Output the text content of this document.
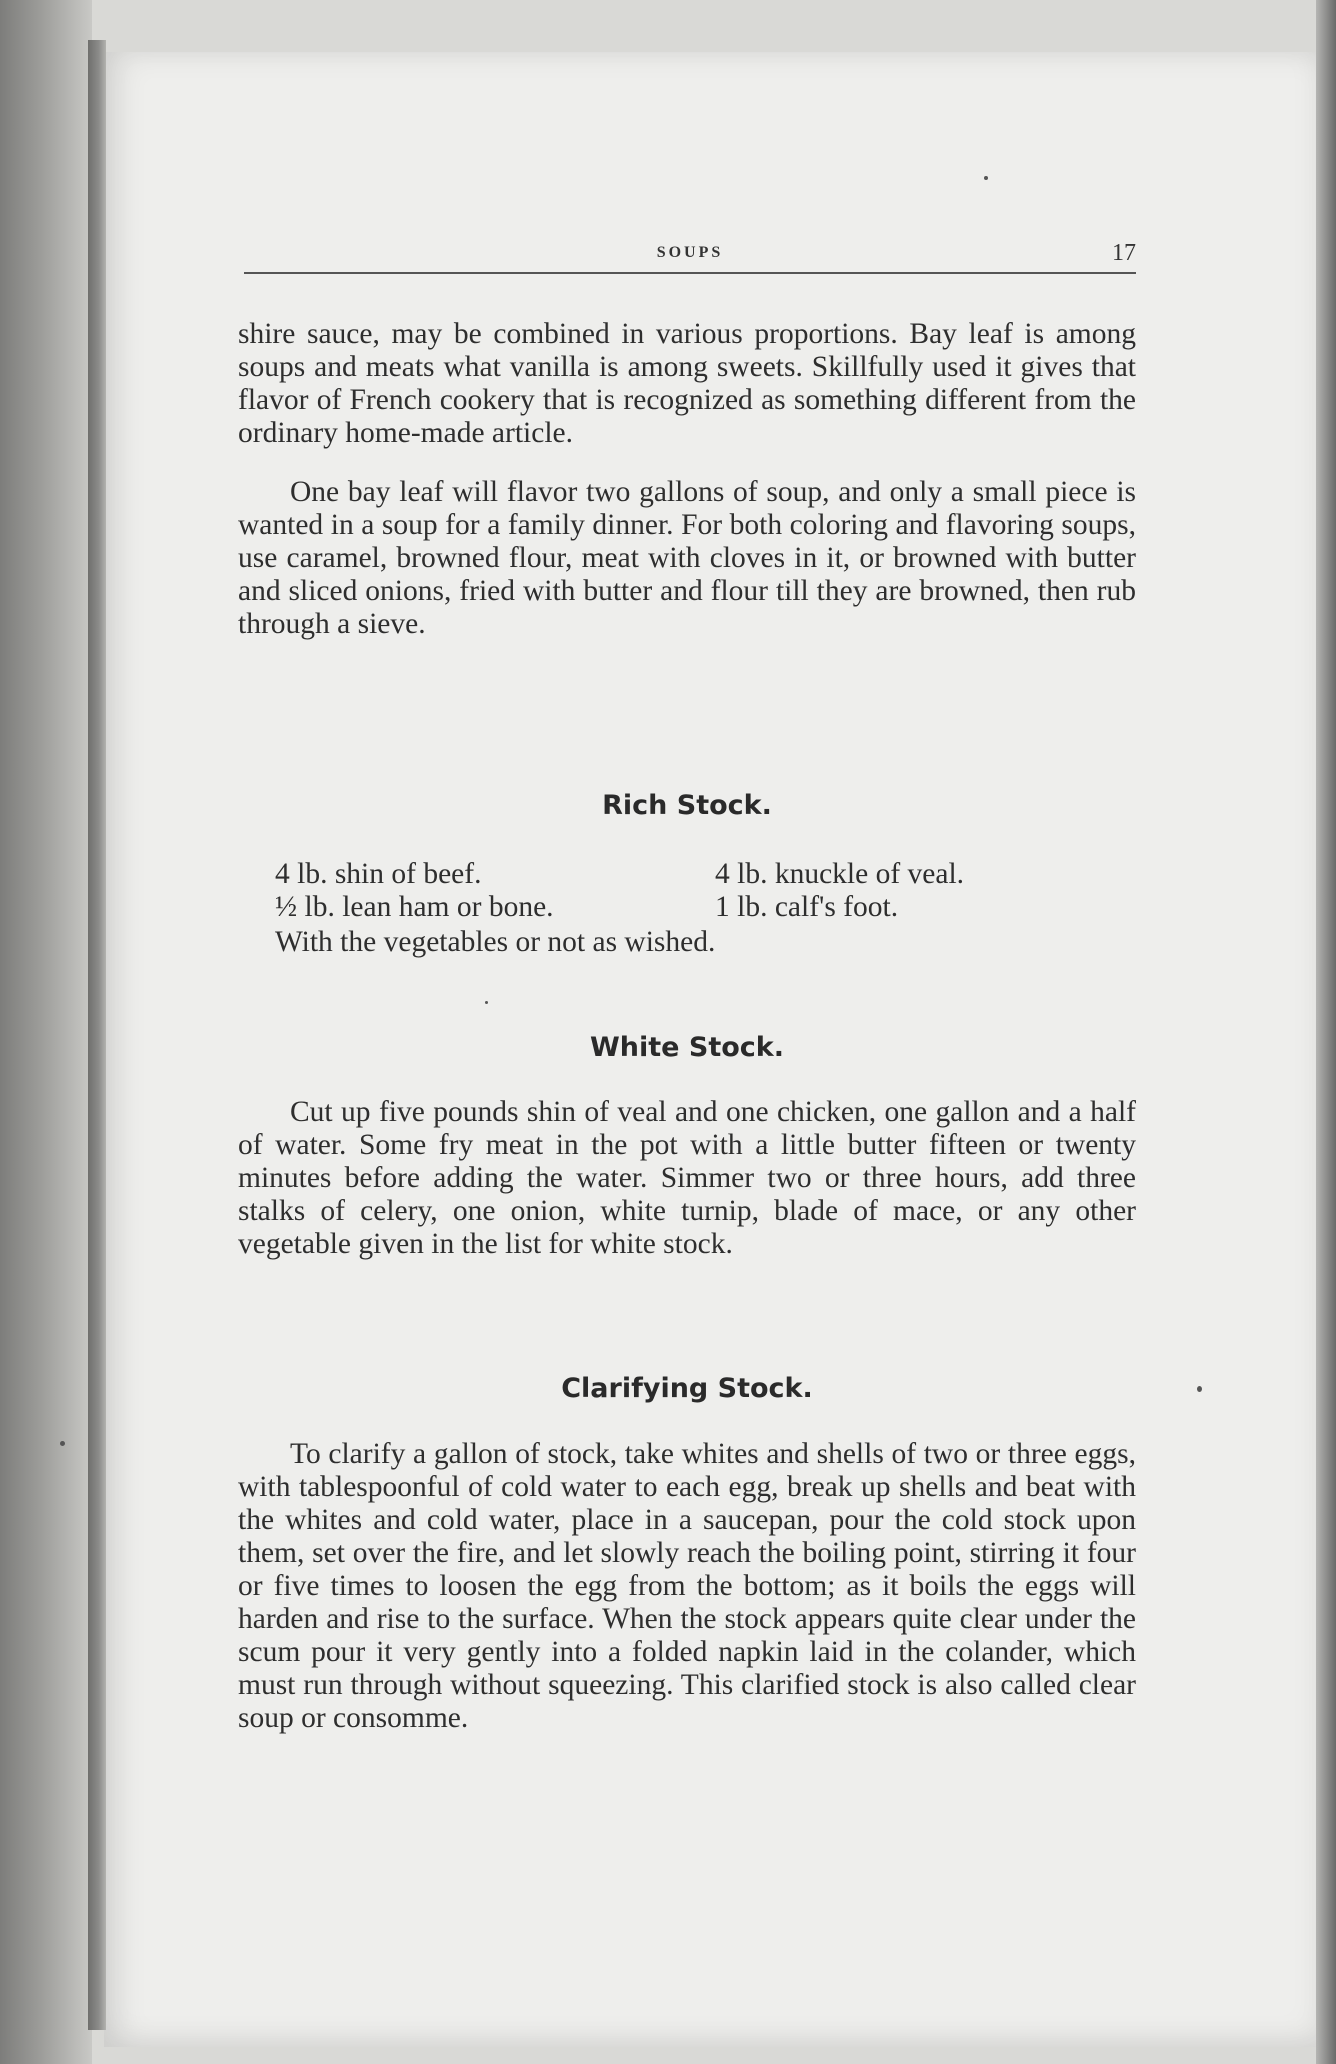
SOUPS	17

shire sauce, may be combined in various proportions. Bay leaf is among soups and meats what vanilla is among sweets. Skillfully used it gives that flavor of French cookery that is recognized as something different from the ordinary home-made article.

One bay leaf will flavor two gallons of soup, and only a small piece is wanted in a soup for a family dinner. For both coloring and flavoring soups, use caramel, browned flour, meat with cloves in it, or browned with butter and sliced onions, fried with butter and flour till they are browned, then rub through a sieve.

Rich Stock.
4 lb. shin of beef.	4 lb. knuckle of veal.
½ lb. lean ham or bone.	1 lb. calf's foot.
With the vegetables or not as wished.
White Stock.
Cut up five pounds shin of veal and one chicken, one gallon and a half of water. Some fry meat in the pot with a little butter fifteen or twenty minutes before adding the water. Simmer two or three hours, add three stalks of celery, one onion, white turnip, blade of mace, or any other vegetable given in the list for white stock.
Clarifying Stock.
To clarify a gallon of stock, take whites and shells of two or three eggs, with tablespoonful of cold water to each egg, break up shells and beat with the whites and cold water, place in a saucepan, pour the cold stock upon them, set over the fire, and let slowly reach the boiling point, stirring it four or five times to loosen the egg from the bottom; as it boils the eggs will harden and rise to the surface. When the stock appears quite clear under the scum pour it very gently into a folded napkin laid in the colander, which must run through without squeezing. This clarified stock is also called clear soup or consomme.
